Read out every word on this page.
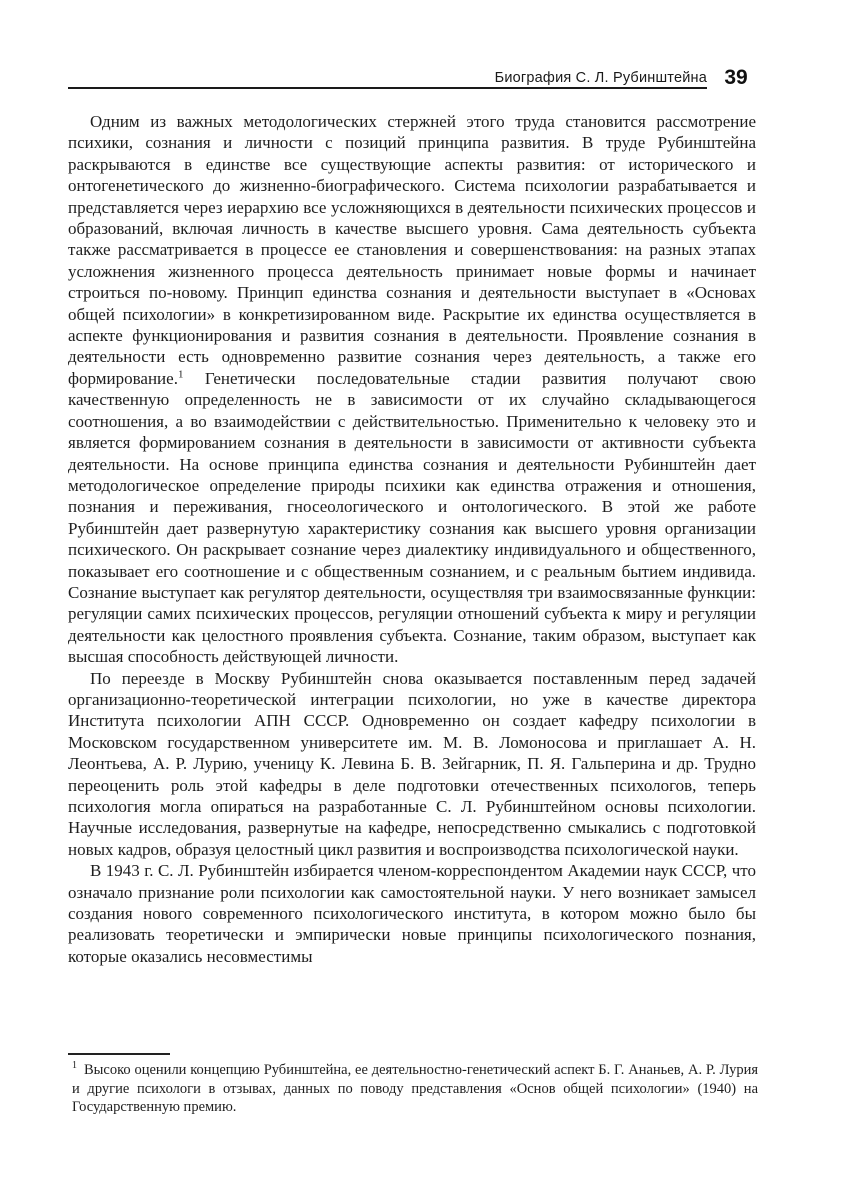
Биография С. Л. Рубинштейна 39

Одним из важных методологических стержней этого труда становится рассмотрение психики, сознания и личности с позиций принципа развития. В труде Рубинштейна раскрываются в единстве все существующие аспекты развития: от исторического и онтогенетического до жизненно-биографического. Система психологии разрабатывается и представляется через иерархию все усложняющихся в деятельности психических процессов и образований, включая личность в качестве высшего уровня. Сама деятельность субъекта также рассматривается в процессе ее становления и совершенствования: на разных этапах усложнения жизненного процесса деятельность принимает новые формы и начинает строиться по-новому. Принцип единства сознания и деятельности выступает в «Основах общей психологии» в конкретизированном виде. Раскрытие их единства осуществляется в аспекте функционирования и развития сознания в деятельности. Проявление сознания в деятельности есть одновременно развитие сознания через деятельность, а также его формирование.$^1$ Генетически последовательные стадии развития получают свою качественную определенность не в зависимости от их случайно складывающегося соотношения, а во взаимодействии с действительностью. Применительно к человеку это и является формированием сознания в деятельности в зависимости от активности субъекта деятельности. На основе принципа единства сознания и деятельности Рубинштейн дает методологическое определение природы психики как единства отражения и отношения, познания и переживания, гносеологического и онтологического. В этой же работе Рубинштейн дает развернутую характеристику сознания как высшего уровня организации психического. Он раскрывает сознание через диалектику индивидуального и общественного, показывает его соотношение и с общественным сознанием, и с реальным бытием индивида. Сознание выступает как регулятор деятельности, осуществляя три взаимосвязанные функции: регуляции самих психических процессов, регуляции отношений субъекта к миру и регуляции деятельности как целостного проявления субъекта. Сознание, таким образом, выступает как высшая способность действующей личности.

По переезде в Москву Рубинштейн снова оказывается поставленным перед задачей организационно-теоретической интеграции психологии, но уже в качестве директора Института психологии АПН СССР. Одновременно он создает кафедру психологии в Московском государственном университете им. М. В. Ломоносова и приглашает А. Н. Леонтьева, А. Р. Лурию, ученицу К. Левина Б. В. Зейгарник, П. Я. Гальперина и др. Трудно переоценить роль этой кафедры в деле подготовки отечественных психологов, теперь психология могла опираться на разработанные С. Л. Рубинштейном основы психологии. Научные исследования, развернутые на кафедре, непосредственно смыкались с подготовкой новых кадров, образуя целостный цикл развития и воспроизводства психологической науки.

В 1943 г. С. Л. Рубинштейн избирается членом-корреспондентом Академии наук СССР, что означало признание роли психологии как самостоятельной науки. У него возникает замысел создания нового современного психологического института, в котором можно было бы реализовать теоретически и эмпирически новые принципы психологического познания, которые оказались несовместимы

$^1$ Высоко оценили концепцию Рубинштейна, ее деятельностно-генетический аспект Б. Г. Ананьев, А. Р. Лурия и другие психологи в отзывах, данных по поводу представления «Основ общей психологии» (1940) на Государственную премию.
